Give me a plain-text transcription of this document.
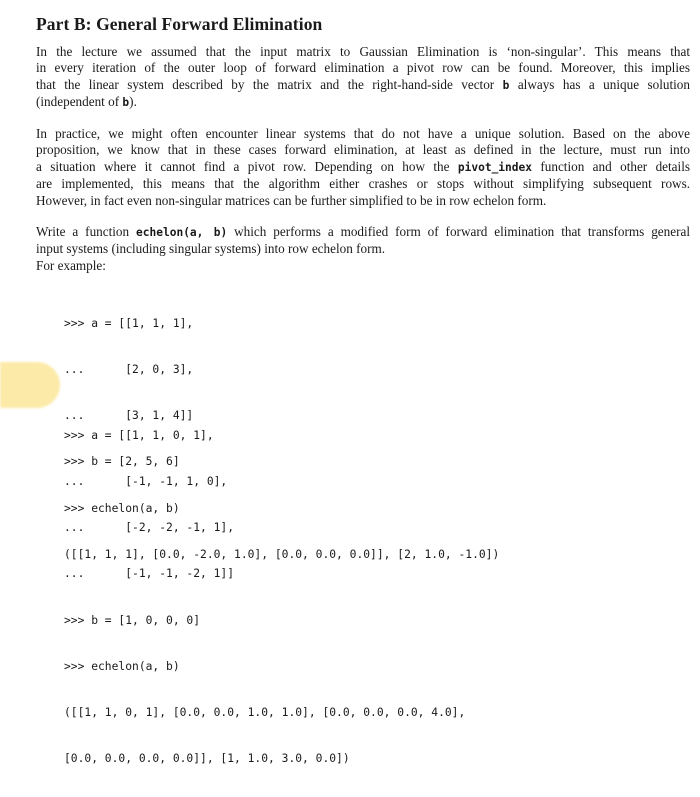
Part B: General Forward Elimination

In the lecture we assumed that the input matrix to Gaussian Elimination is ‘non-singular’. This means that
in every iteration of the outer loop of forward elimination a pivot row can be found. Moreover, this implies
that the linear system described by the matrix and the right-hand-side vector b always has a unique solution
(independent of b).

In practice, we might often encounter linear systems that do not have a unique solution. Based on the above
proposition, we know that in these cases forward elimination, at least as defined in the lecture, must run into
a situation where it cannot find a pivot row. Depending on how the pivot_index function and other details
are implemented, this means that the algorithm either crashes or stops without simplifying subsequent rows.
However, in fact even non-singular matrices can be further simplified to be in row echelon form.

Write a function echelon(a, b) which performs a modified form of forward elimination that transforms general
input systems (including singular systems) into row echelon form.
For example:

>>> a = [[1, 1, 1],

...      [2, 0, 3],

...      [3, 1, 4]]

>>> b = [2, 5, 6]

>>> echelon(a, b)

([[1, 1, 1], [0.0, -2.0, 1.0], [0.0, 0.0, 0.0]], [2, 1.0, -1.0])

>>> a = [[1, 1, 0, 1],

...      [-1, -1, 1, 0],

...      [-2, -2, -1, 1],

...      [-1, -1, -2, 1]]

>>> b = [1, 0, 0, 0]

>>> echelon(a, b)

([[1, 1, 0, 1], [0.0, 0.0, 1.0, 1.0], [0.0, 0.0, 0.0, 4.0],

[0.0, 0.0, 0.0, 0.0]], [1, 1.0, 3.0, 0.0])
